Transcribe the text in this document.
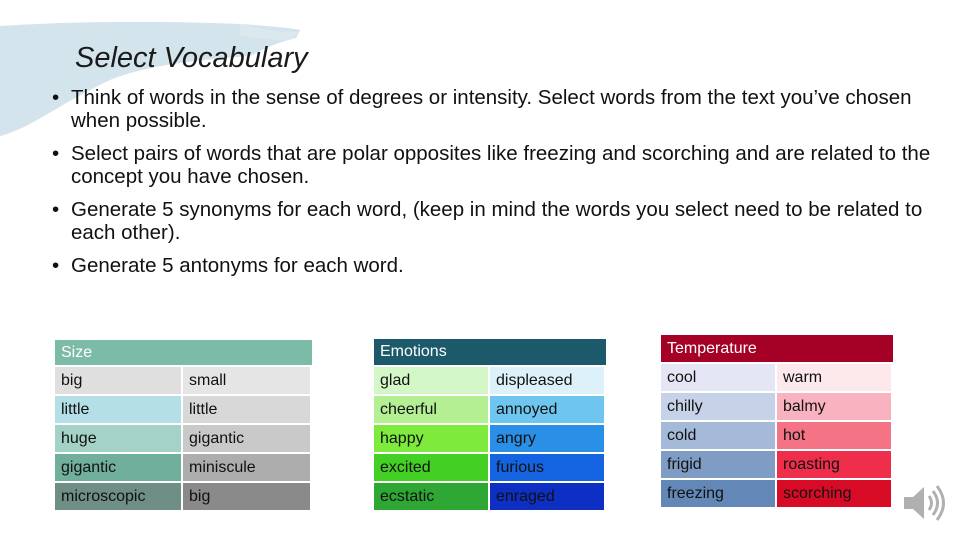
Select Vocabulary
• Think of words in the sense of degrees or intensity. Select words from the text you’ve chosen when possible.
• Select pairs of words that are polar opposites like freezing and scorching and are related to the concept you have chosen.
• Generate 5 synonyms for each word, (keep in mind the words you select need to be related to each other).
• Generate 5 antonyms for each word.
Size	
big	small
little	little
huge	gigantic
gigantic	miniscule
microscopic	big
Emotions	
glad	displeased
cheerful	annoyed
happy	angry
excited	furious
ecstatic	enraged
Temperature	
cool	warm
chilly	balmy
cold	hot
frigid	roasting
freezing	scorching
